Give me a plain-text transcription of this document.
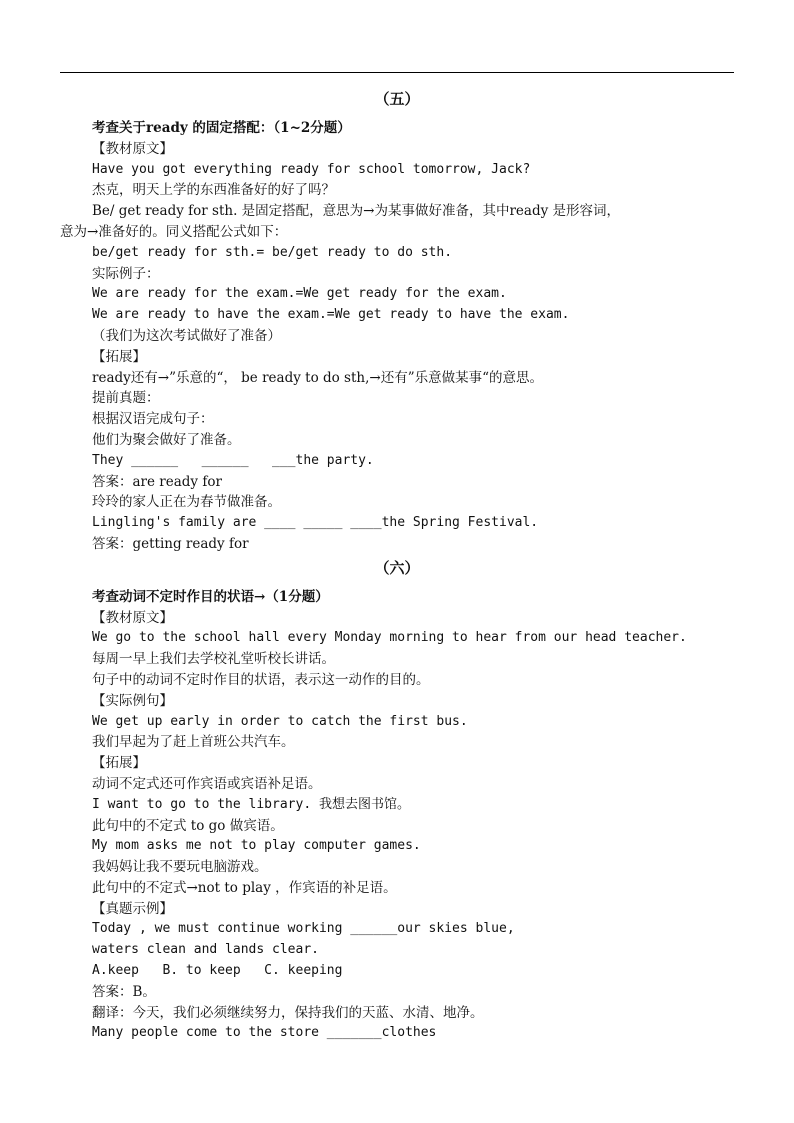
（五）
考查关于ready 的固定搭配：（1~2分题）
【教材原文】
Have you got everything ready for school tomorrow, Jack?
杰克，明天上学的东西准备好的好了吗？
Be/ get ready for sth. 是固定搭配，意思为→为某事做好准备，其中ready 是形容词，
意为→准备好的。同义搭配公式如下：
be/get ready for sth.= be/get ready to do sth.
实际例子：
We are ready for the exam.=We get ready for the exam.
We are ready to have the exam.=We get ready to have the exam.
（我们为这次考试做好了准备）
【拓展】
ready还有→”乐意的“， be ready to do sth,→还有”乐意做某事“的意思。
提前真题：
根据汉语完成句子：
他们为聚会做好了准备。
They ______   ______   ___the party.
答案：are ready for
玲玲的家人正在为春节做准备。
Lingling's family are ____ _____ ____the Spring Festival.
答案：getting ready for
（六）
考查动词不定时作目的状语→（1分题）
【教材原文】
We go to the school hall every Monday morning to hear from our head teacher.
每周一早上我们去学校礼堂听校长讲话。
句子中的动词不定时作目的状语，表示这一动作的目的。
【实际例句】
We get up early in order to catch the first bus.
我们早起为了赶上首班公共汽车。
【拓展】
动词不定式还可作宾语或宾语补足语。
I want to go to the library. 我想去图书馆。
此句中的不定式 to go 做宾语。
My mom asks me not to play computer games.
我妈妈让我不要玩电脑游戏。
此句中的不定式→not to play ，作宾语的补足语。
【真题示例】
Today , we must continue working ______our skies blue,
waters clean and lands clear.
A.keep   B. to keep   C. keeping
答案：B。
翻译：今天，我们必须继续努力，保持我们的天蓝、水清、地净。
Many people come to the store _______clothes
